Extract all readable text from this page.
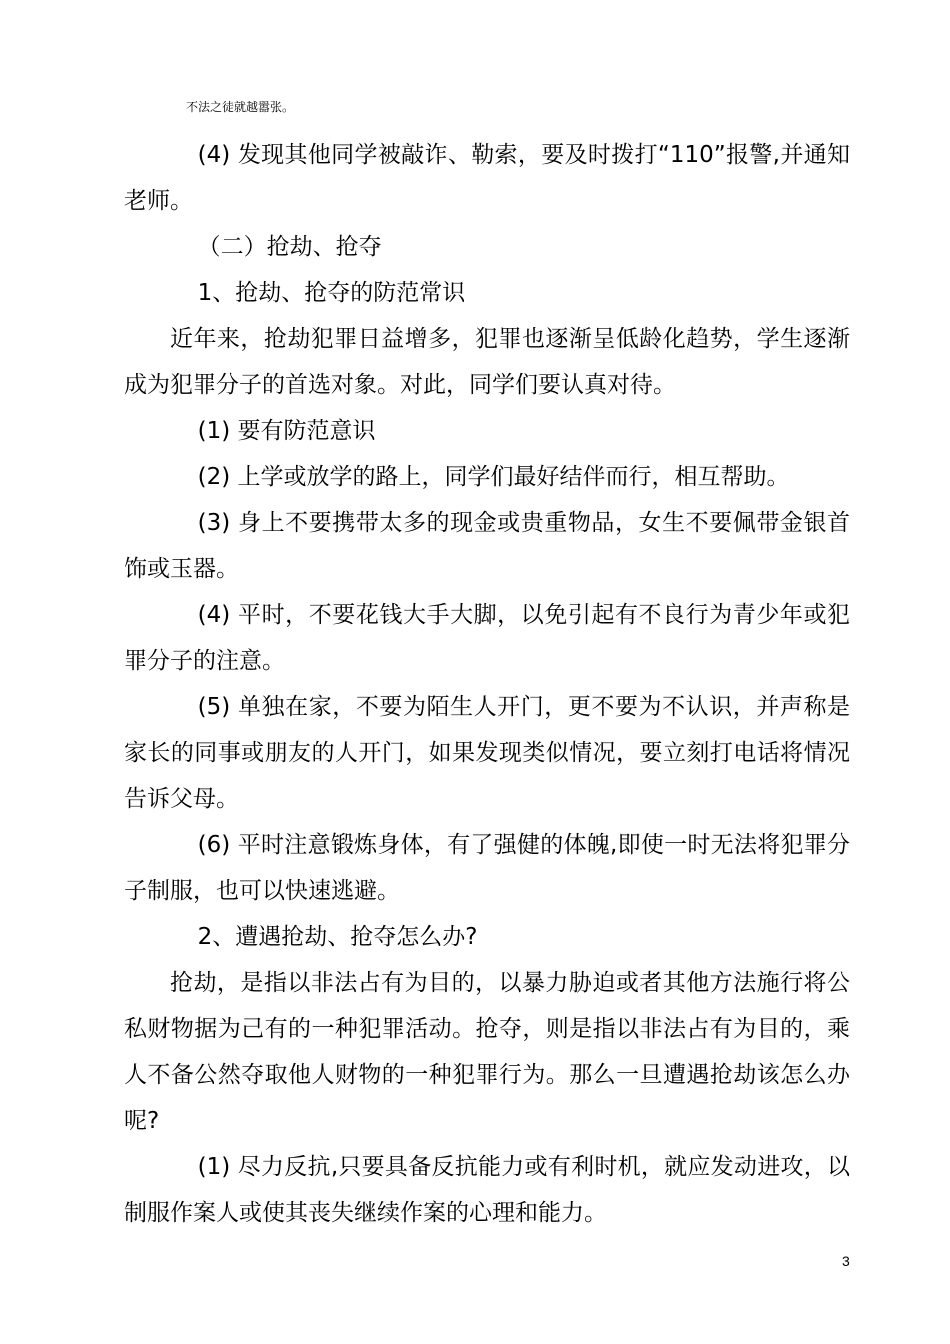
不法之徒就越嚣张。

(4) 发现其他同学被敲诈、勒索，要及时拨打“110”报警,并通知老师。

（二）抢劫、抢夺

1、抢劫、抢夺的防范常识

近年来，抢劫犯罪日益增多，犯罪也逐渐呈低龄化趋势，学生逐渐成为犯罪分子的首选对象。对此，同学们要认真对待。

(1) 要有防范意识

(2) 上学或放学的路上，同学们最好结伴而行，相互帮助。

(3) 身上不要携带太多的现金或贵重物品，女生不要佩带金银首饰或玉器。

(4) 平时，不要花钱大手大脚，以免引起有不良行为青少年或犯罪分子的注意。

(5) 单独在家，不要为陌生人开门，更不要为不认识，并声称是家长的同事或朋友的人开门，如果发现类似情况，要立刻打电话将情况告诉父母。

(6) 平时注意锻炼身体，有了强健的体魄,即使一时无法将犯罪分子制服，也可以快速逃避。

2、遭遇抢劫、抢夺怎么办?

抢劫，是指以非法占有为目的，以暴力胁迫或者其他方法施行将公私财物据为己有的一种犯罪活动。抢夺，则是指以非法占有为目的，乘人不备公然夺取他人财物的一种犯罪行为。那么一旦遭遇抢劫该怎么办呢?

(1) 尽力反抗,只要具备反抗能力或有利时机，就应发动进攻，以制服作案人或使其丧失继续作案的心理和能力。

3
